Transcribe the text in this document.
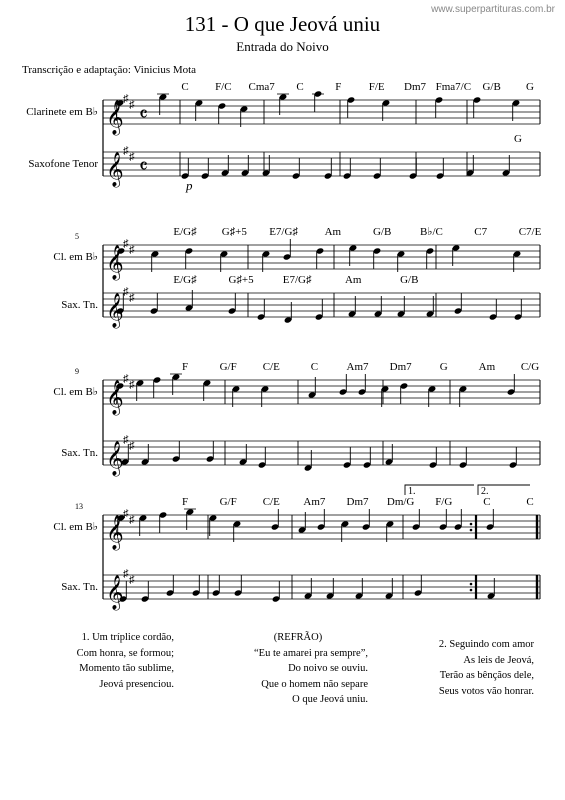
www.superpartituras.com.br
131 - O que Jeová uniu
Entrada do Noivo
Transcrição e adaptação: Vinicius Mota
Clarinete em B♭
Saxofone Tenor
𝄞
♯ ♯ 𝄴
𝄞
♯ ♯ 𝄴
C F/C Cma7 C	F F/E Dm7 Fma7/C G/B G
G
p
Cl. em B♭
Sax. Tn.
𝄞
♯ ♯
𝄞
♯ ♯
5	E/G♯ G♯+5 E7/G♯ Am	G/B	B♭/C	C7	C7/E
E/G♯	G♯+5	E7/G♯	Am	G/B
Cl. em B♭
Sax. Tn.
𝄞
♯ ♯
𝄞
♯ ♯
9	F	G/F C/E	C	Am7 Dm7	G	Am C/G
Cl. em B♭
Sax. Tn.
𝄞
♯ ♯
𝄞
♯ ♯
13	F	G/F C/E Am7 Dm7 Dm/G F/G	C	C
1.	2.
1. Um tríplice cordão,
Com honra, se formou;
Momento tão sublime,
Jeová presenciou.
(REFRÃO)
“Eu te amarei pra sempre”,
Do noivo se ouviu.
Que o homem não separe
O que Jeová uniu.
2. Seguindo com amor
As leis de Jeová,
Terão as bênçãos dele,
Seus votos vão honrar.
